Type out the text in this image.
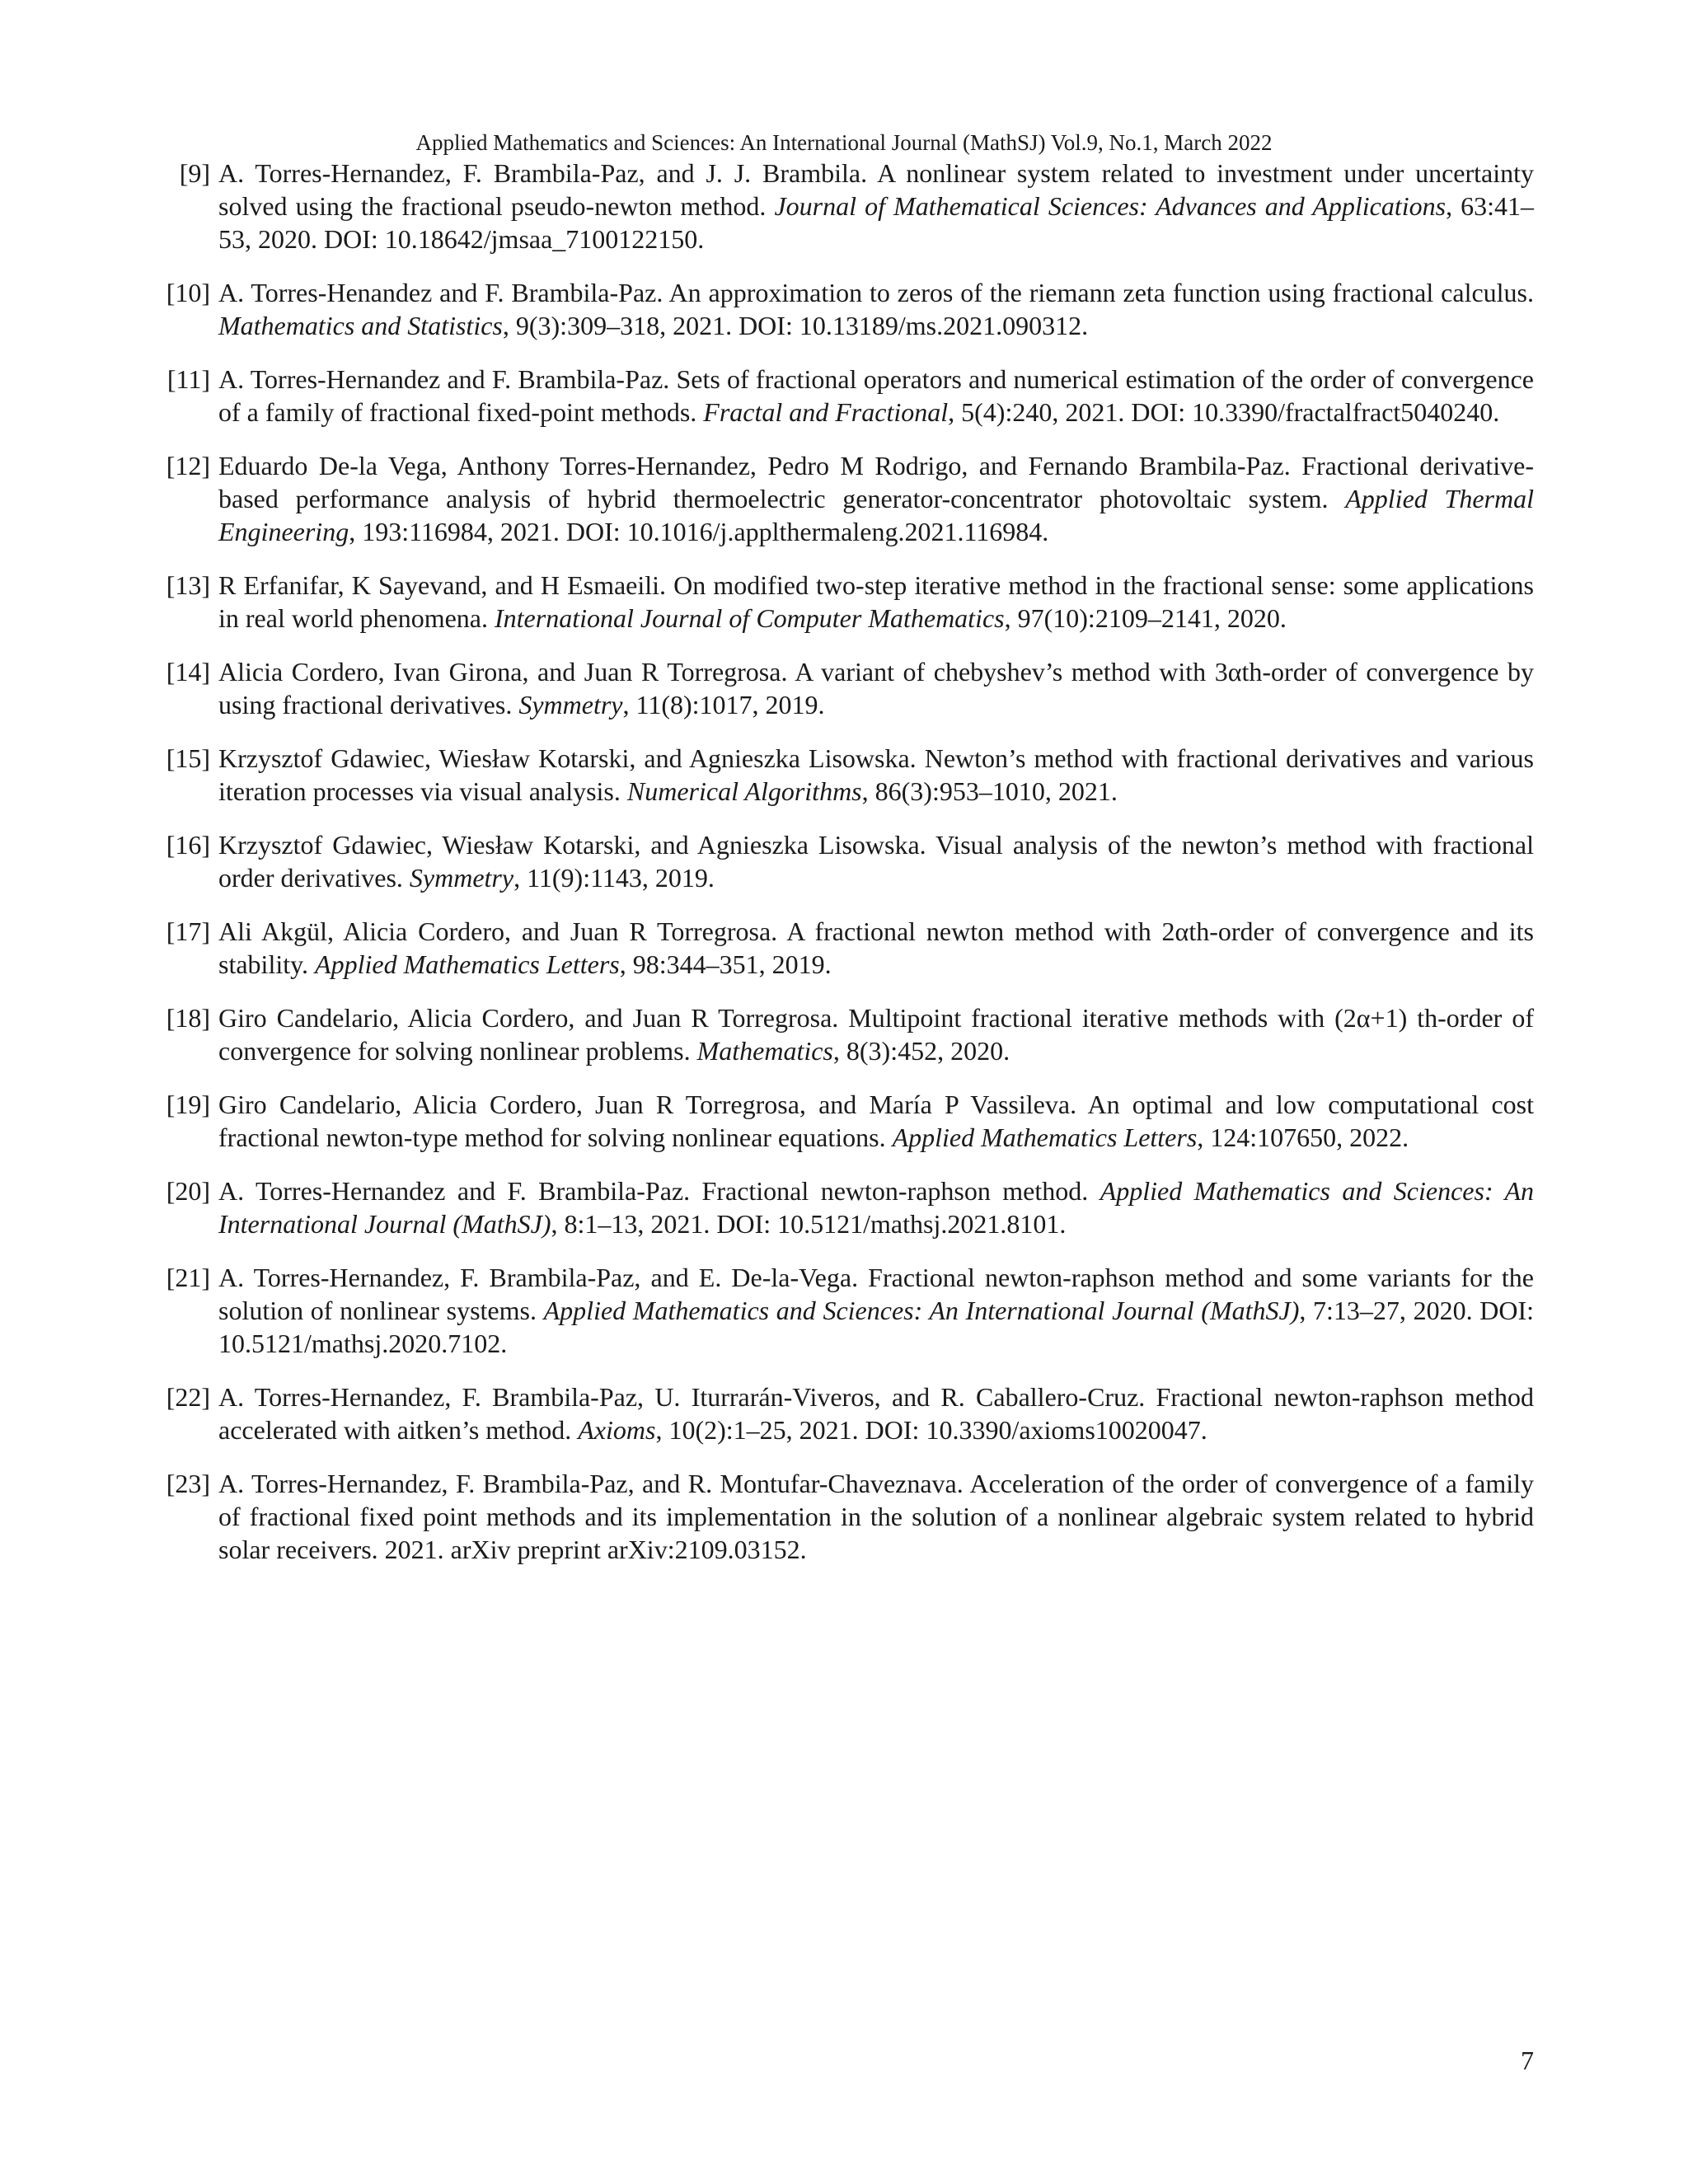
Applied Mathematics and Sciences: An International Journal (MathSJ) Vol.9, No.1, March 2022
[9] A. Torres-Hernandez, F. Brambila-Paz, and J. J. Brambila. A nonlinear system related to investment under uncertainty solved using the fractional pseudo-newton method. Journal of Mathematical Sciences: Advances and Applications, 63:41–53, 2020. DOI: 10.18642/jmsaa_7100122150.
[10] A. Torres-Henandez and F. Brambila-Paz. An approximation to zeros of the riemann zeta function using fractional calculus. Mathematics and Statistics, 9(3):309–318, 2021. DOI: 10.13189/ms.2021.090312.
[11] A. Torres-Hernandez and F. Brambila-Paz. Sets of fractional operators and numerical estimation of the order of convergence of a family of fractional fixed-point methods. Fractal and Fractional, 5(4):240, 2021. DOI: 10.3390/fractalfract5040240.
[12] Eduardo De-la Vega, Anthony Torres-Hernandez, Pedro M Rodrigo, and Fernando Brambila-Paz. Fractional derivative-based performance analysis of hybrid thermoelectric generator-concentrator photovoltaic system. Applied Thermal Engineering, 193:116984, 2021. DOI: 10.1016/j.applthermaleng.2021.116984.
[13] R Erfanifar, K Sayevand, and H Esmaeili. On modified two-step iterative method in the fractional sense: some applications in real world phenomena. International Journal of Computer Mathematics, 97(10):2109–2141, 2020.
[14] Alicia Cordero, Ivan Girona, and Juan R Torregrosa. A variant of chebyshev’s method with 3αth-order of convergence by using fractional derivatives. Symmetry, 11(8):1017, 2019.
[15] Krzysztof Gdawiec, Wiesław Kotarski, and Agnieszka Lisowska. Newton’s method with fractional derivatives and various iteration processes via visual analysis. Numerical Algorithms, 86(3):953–1010, 2021.
[16] Krzysztof Gdawiec, Wiesław Kotarski, and Agnieszka Lisowska. Visual analysis of the newton’s method with fractional order derivatives. Symmetry, 11(9):1143, 2019.
[17] Ali Akgül, Alicia Cordero, and Juan R Torregrosa. A fractional newton method with 2αth-order of convergence and its stability. Applied Mathematics Letters, 98:344–351, 2019.
[18] Giro Candelario, Alicia Cordero, and Juan R Torregrosa. Multipoint fractional iterative methods with (2α+1) th-order of convergence for solving nonlinear problems. Mathematics, 8(3):452, 2020.
[19] Giro Candelario, Alicia Cordero, Juan R Torregrosa, and María P Vassileva. An optimal and low computational cost fractional newton-type method for solving nonlinear equations. Applied Mathematics Letters, 124:107650, 2022.
[20] A. Torres-Hernandez and F. Brambila-Paz. Fractional newton-raphson method. Applied Mathematics and Sciences: An International Journal (MathSJ), 8:1–13, 2021. DOI: 10.5121/mathsj.2021.8101.
[21] A. Torres-Hernandez, F. Brambila-Paz, and E. De-la-Vega. Fractional newton-raphson method and some variants for the solution of nonlinear systems. Applied Mathematics and Sciences: An International Journal (MathSJ), 7:13–27, 2020. DOI: 10.5121/mathsj.2020.7102.
[22] A. Torres-Hernandez, F. Brambila-Paz, U. Iturrarán-Viveros, and R. Caballero-Cruz. Fractional newton-raphson method accelerated with aitken’s method. Axioms, 10(2):1–25, 2021. DOI: 10.3390/axioms10020047.
[23] A. Torres-Hernandez, F. Brambila-Paz, and R. Montufar-Chaveznava. Acceleration of the order of convergence of a family of fractional fixed point methods and its implementation in the solution of a nonlinear algebraic system related to hybrid solar receivers. 2021. arXiv preprint arXiv:2109.03152.
7
